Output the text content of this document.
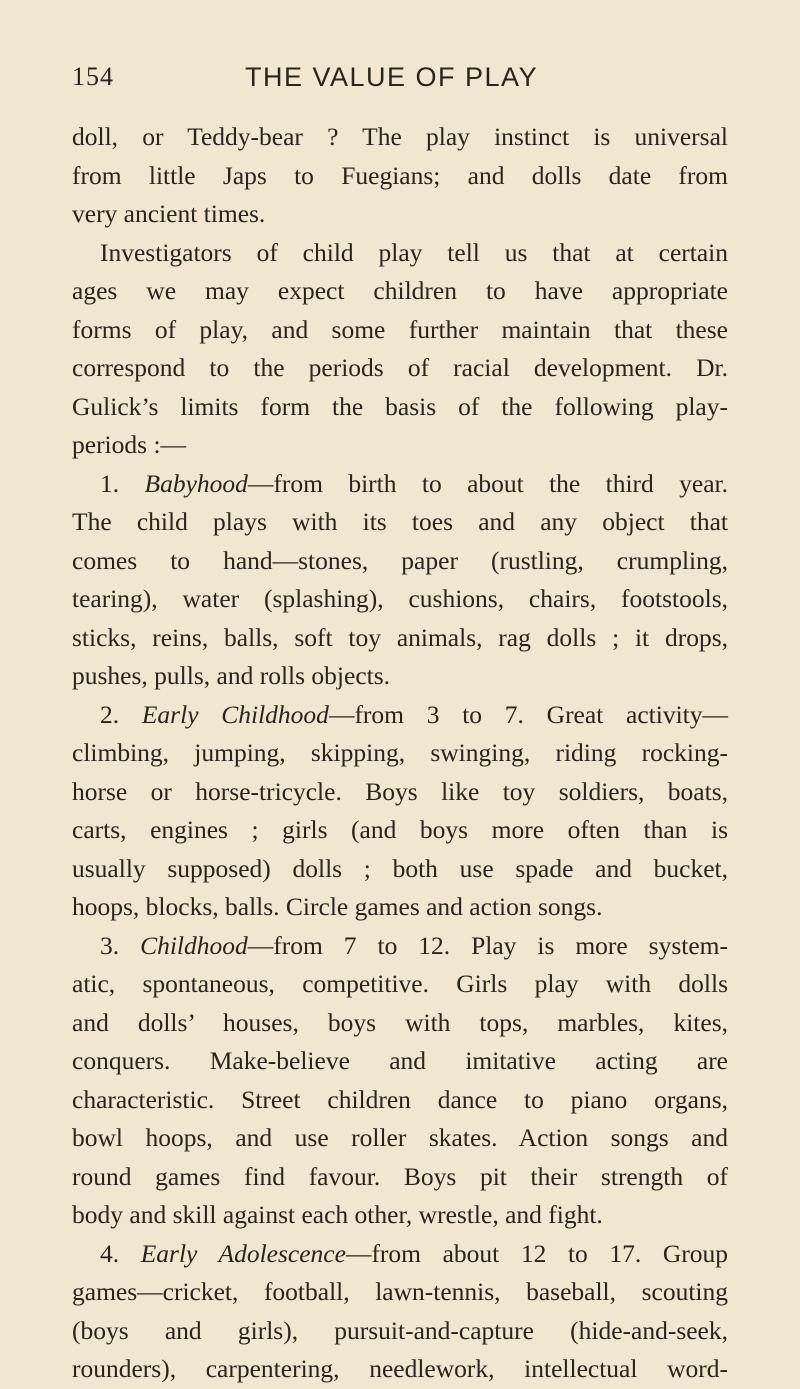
154	THE VALUE OF PLAY
doll, or Teddy-bear ? The play instinct is universal
from little Japs to Fuegians; and dolls date from
very ancient times.
Investigators of child play tell us that at certain
ages we may expect children to have appropriate
forms of play, and some further maintain that these
correspond to the periods of racial development. Dr.
Gulick’s limits form the basis of the following play-
periods :—
1. Babyhood—from birth to about the third year.
The child plays with its toes and any object that
comes to hand—stones, paper (rustling, crumpling,
tearing), water (splashing), cushions, chairs, footstools,
sticks, reins, balls, soft toy animals, rag dolls ; it drops,
pushes, pulls, and rolls objects.
2. Early Childhood—from 3 to 7. Great activity—
climbing, jumping, skipping, swinging, riding rocking-
horse or horse-tricycle. Boys like toy soldiers, boats,
carts, engines ; girls (and boys more often than is
usually supposed) dolls ; both use spade and bucket,
hoops, blocks, balls. Circle games and action songs.
3. Childhood—from 7 to 12. Play is more system-
atic, spontaneous, competitive. Girls play with dolls
and dolls’ houses, boys with tops, marbles, kites,
conquers. Make-believe and imitative acting are
characteristic. Street children dance to piano organs,
bowl hoops, and use roller skates. Action songs and
round games find favour. Boys pit their strength of
body and skill against each other, wrestle, and fight.
4. Early Adolescence—from about 12 to 17. Group
games—cricket, football, lawn-tennis, baseball, scouting
(boys and girls), pursuit-and-capture (hide-and-seek,
rounders), carpentering, needlework, intellectual word-
